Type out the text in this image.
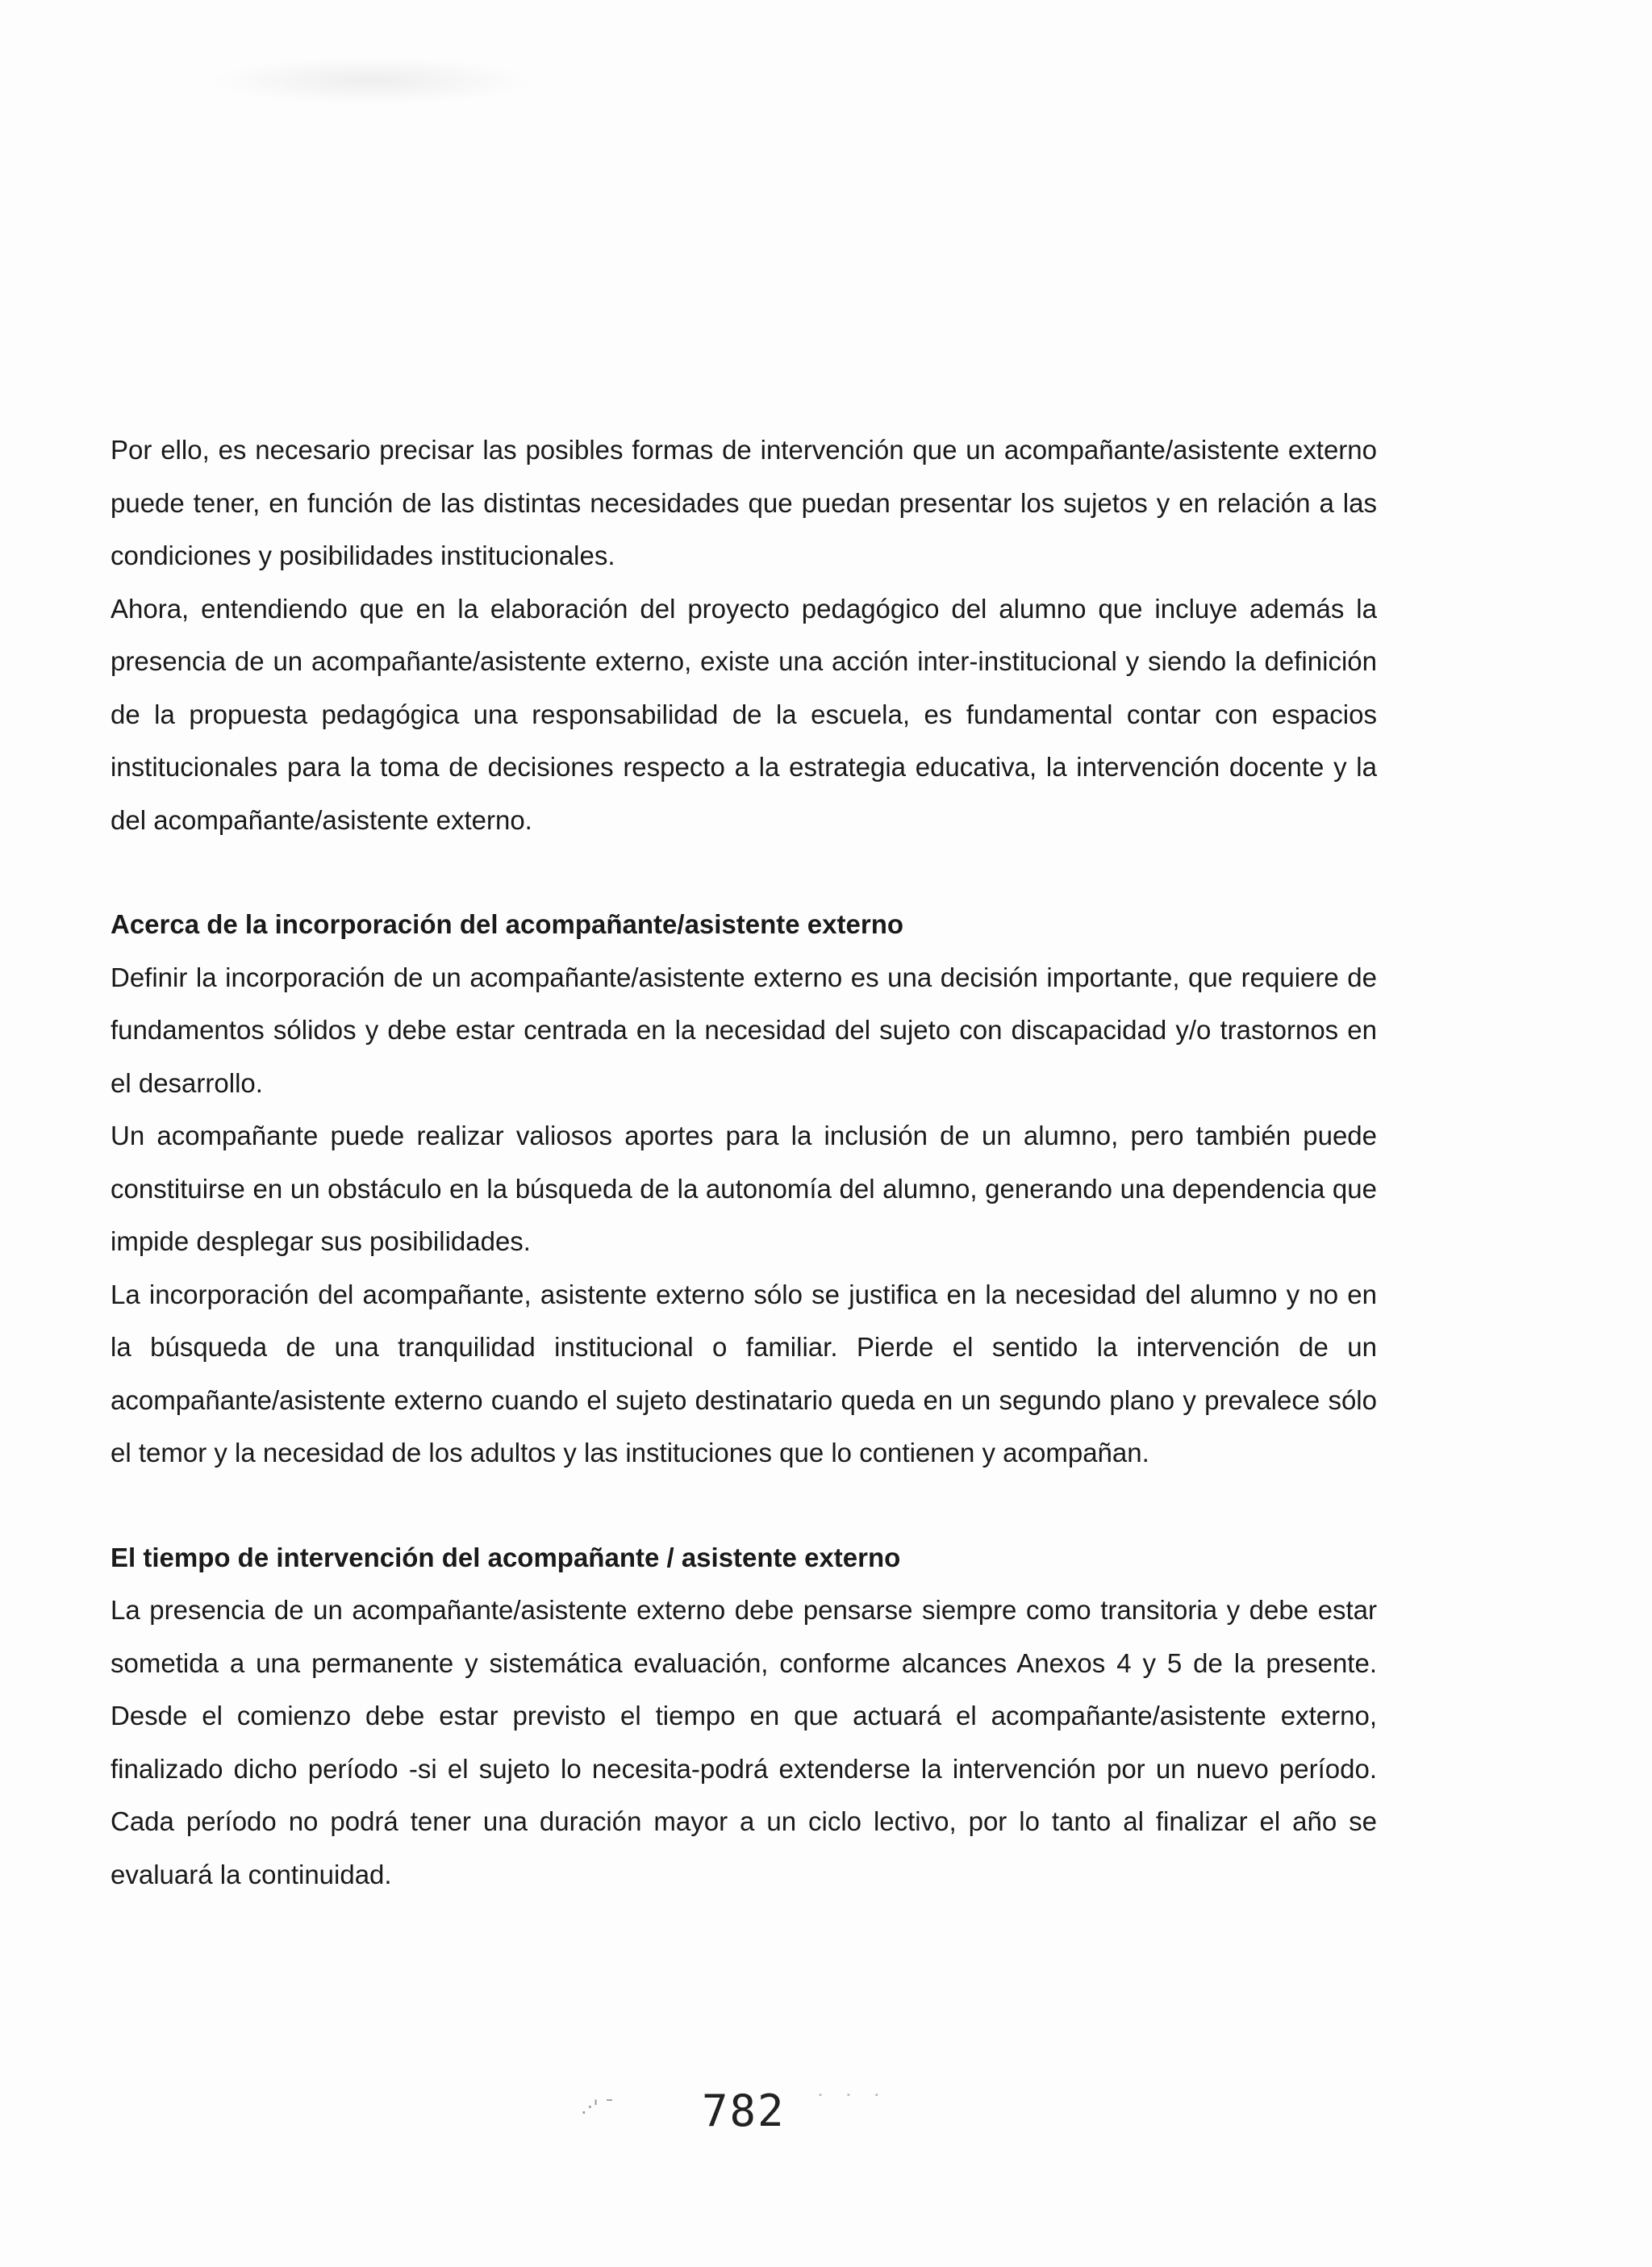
Por ello, es necesario precisar las posibles formas de intervención que un acompañante/asistente externo puede tener, en función de las distintas necesidades que puedan presentar los sujetos y en relación a las condiciones y posibilidades institucionales.

Ahora, entendiendo que en la elaboración del proyecto pedagógico del alumno que incluye además la presencia de un acompañante/asistente externo, existe una acción inter-institucional y siendo la definición de la propuesta pedagógica una responsabilidad de la escuela, es fundamental contar con espacios institucionales para la toma de decisiones respecto a la estrategia educativa, la intervención docente y la del acompañante/asistente externo.

Acerca de la incorporación del acompañante/asistente externo

Definir la incorporación de un acompañante/asistente externo es una decisión importante, que requiere de fundamentos sólidos y debe estar centrada en la necesidad del sujeto con discapacidad y/o trastornos en el desarrollo.

Un acompañante puede realizar valiosos aportes para la inclusión de un alumno, pero también puede constituirse en un obstáculo en la búsqueda de la autonomía del alumno, generando una dependencia que impide desplegar sus posibilidades.

La incorporación del acompañante, asistente externo sólo se justifica en la necesidad del alumno y no en la búsqueda de una tranquilidad institucional o familiar. Pierde el sentido la intervención de un acompañante/asistente externo cuando el sujeto destinatario queda en un segundo plano y prevalece sólo el temor y la necesidad de los adultos y las instituciones que lo contienen y acompañan.

El tiempo de intervención del acompañante / asistente externo

La presencia de un acompañante/asistente externo debe pensarse siempre como transitoria y debe estar sometida a una permanente y sistemática evaluación, conforme alcances Anexos 4 y 5 de la presente. Desde el comienzo debe estar previsto el tiempo en que actuará el acompañante/asistente externo, finalizado dicho período -si el sujeto lo necesita-podrá extenderse la intervención por un nuevo período. Cada período no podrá tener una duración mayor a un ciclo lectivo, por lo tanto al finalizar el año se evaluará la continuidad.

.·' ˉ 782 ˙ ˙ ˙
